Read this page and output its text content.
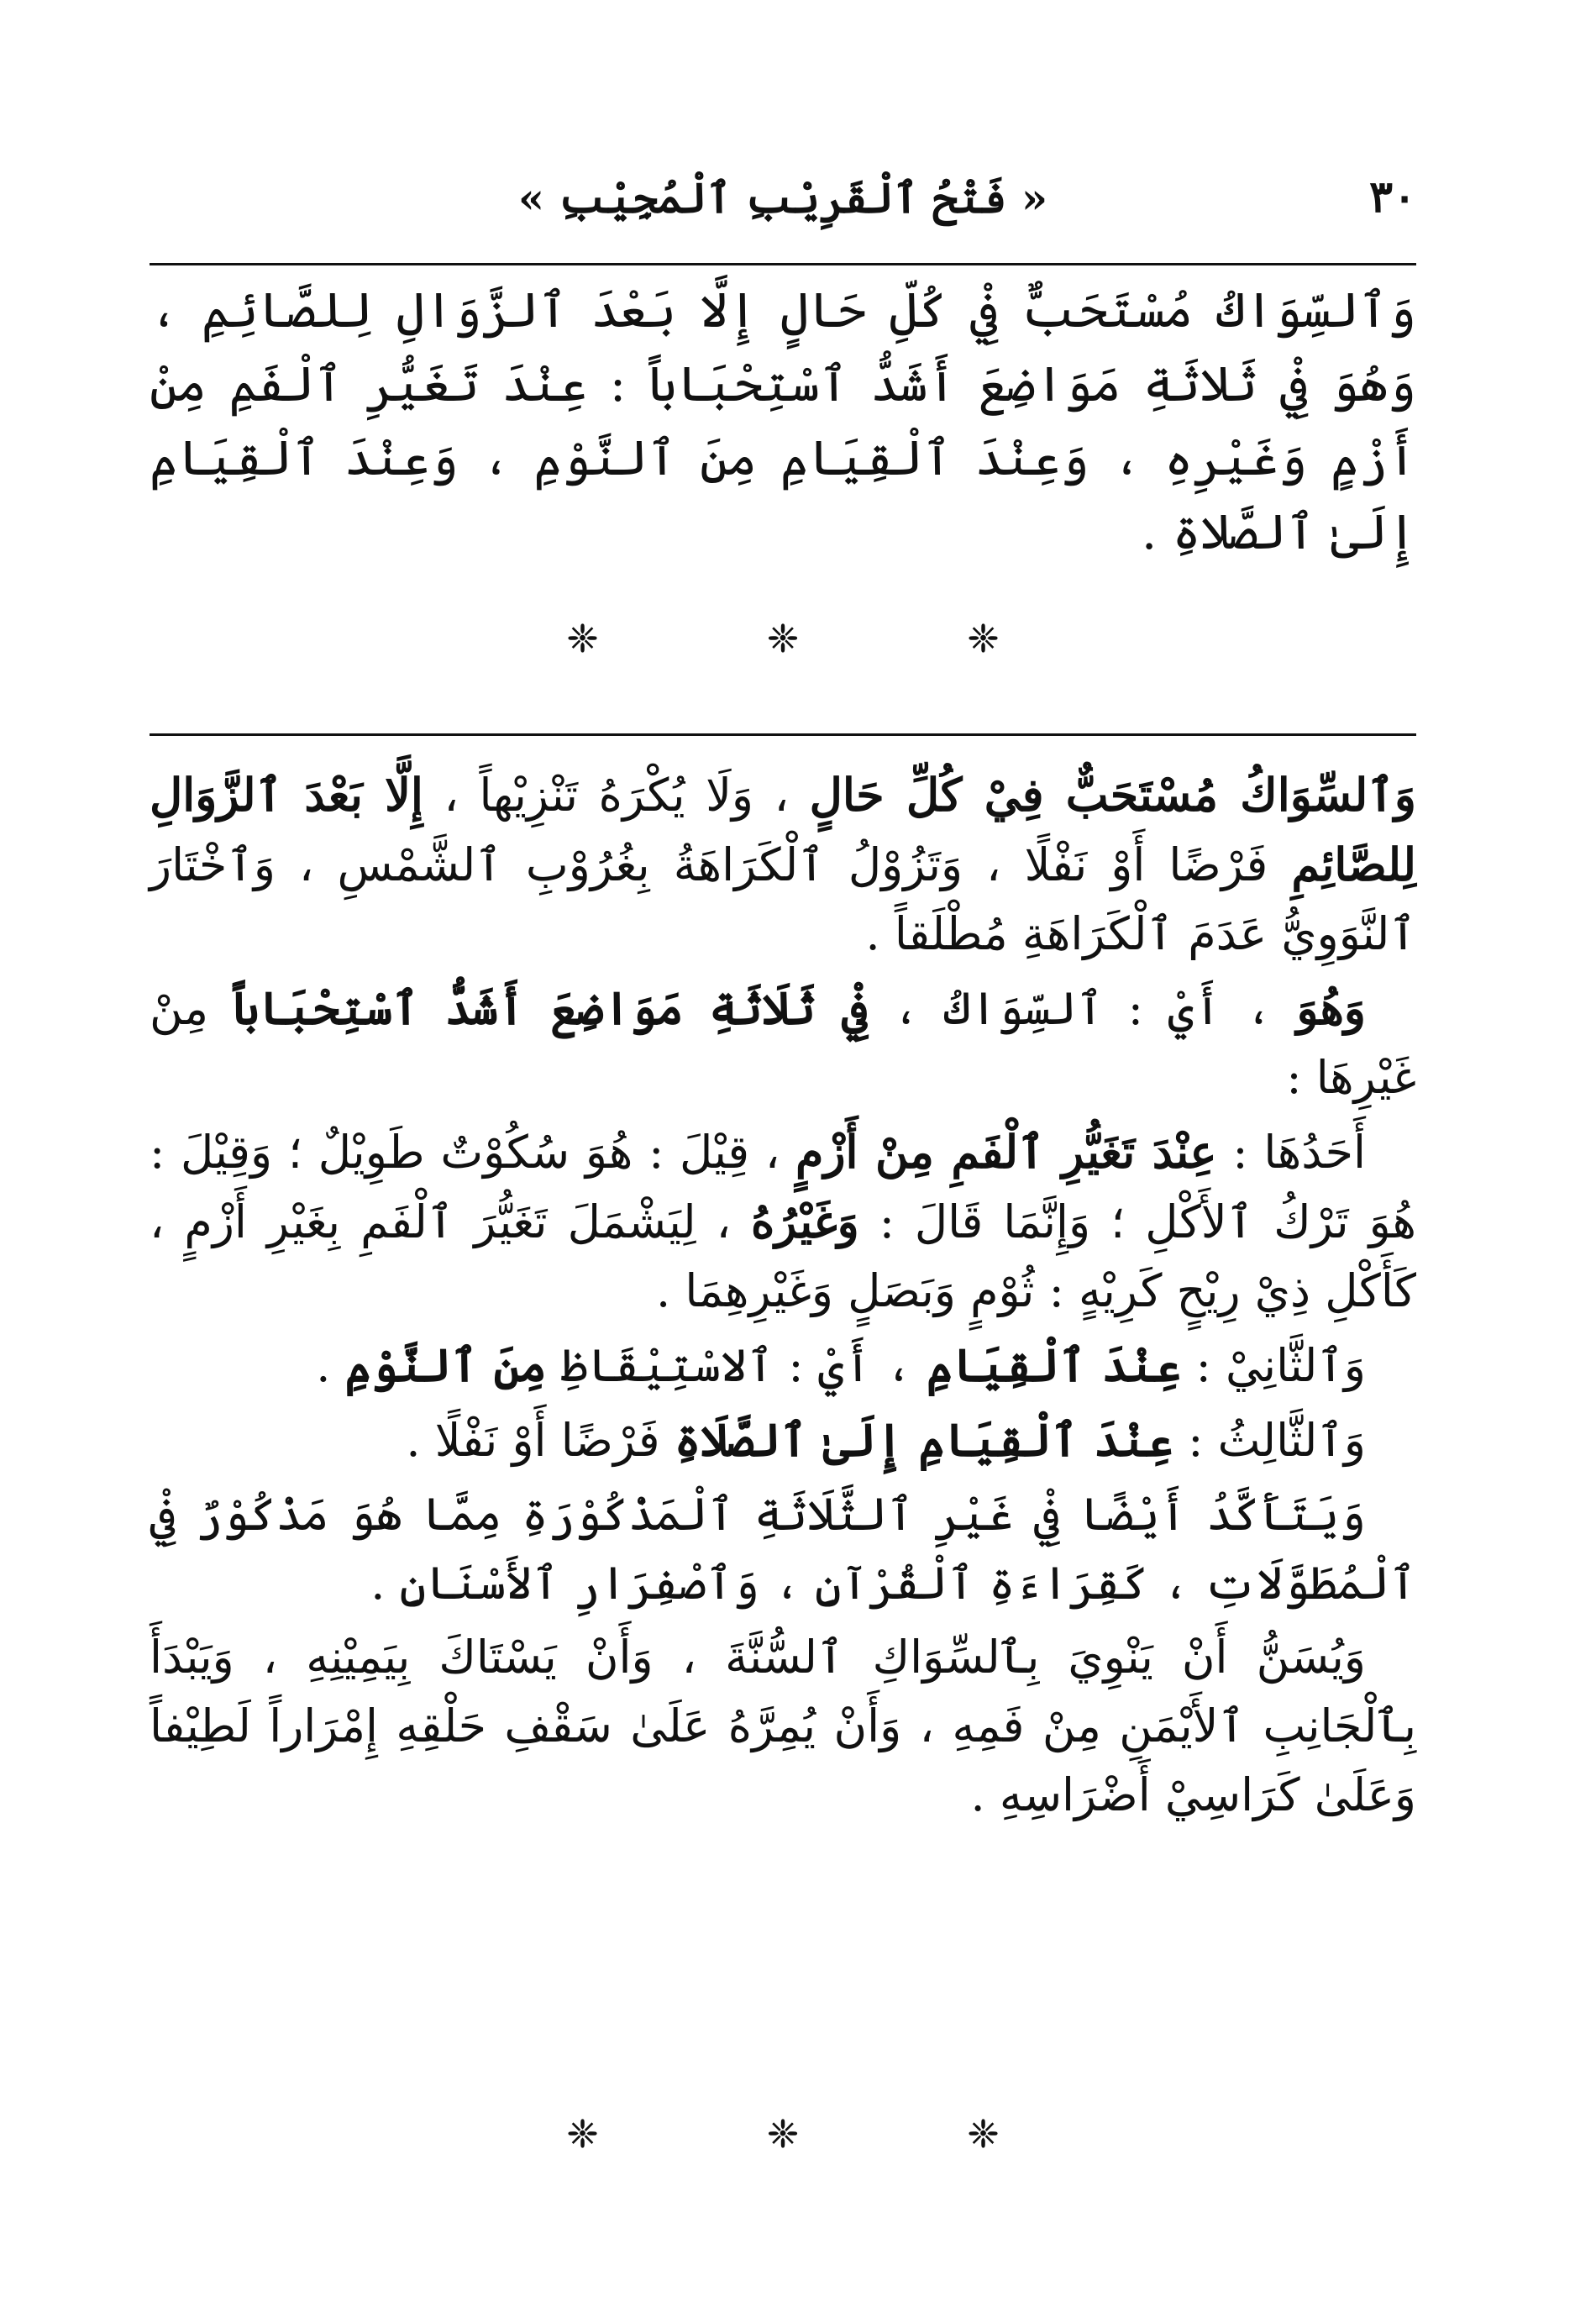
٣٠
« فَتْحُ ٱلْقَرِيْبِ ٱلْمُجِيْبِ »
وَٱلسِّوَاكُ مُسْتَحَبٌّ فِيْ كُلِّ حَالٍ إِلَّا بَعْدَ ٱلزَّوَالِ لِلصَّائِمِ ، وَهُوَ فِيْ ثَلاثَةِ مَوَاضِعَ أَشَدُّ ٱسْتِحْبَاباً : عِنْدَ تَغَيُّرِ ٱلْفَمِ مِنْ أَزْمٍ وَغَيْرِهِ ، وَعِنْدَ ٱلْقِيَامِ مِنَ ٱلنَّوْمِ ، وَعِنْدَ ٱلْقِيَامِ إِلَىٰ ٱلصَّلاةِ .
❈
❈
❈

وَٱلسِّوَاكُ مُسْتَحَبٌّ فِيْ كُلِّ حَالٍ ، وَلَا يُكْرَهُ تَنْزِيْهاً ، إِلَّا بَعْدَ ٱلزَّوَالِ لِلصَّائِمِ فَرْضًا أَوْ نَفْلًا ، وَتَزُوْلُ ٱلْكَرَاهَةُ بِغُرُوْبِ ٱلشَّمْسِ ، وَٱخْتَارَ ٱلنَّوَوِيُّ عَدَمَ ٱلْكَرَاهَةِ مُطْلَقاً .

وَهُوَ ، أَيْ : ٱلسِّوَاكُ ، فِيْ ثَلَاثَةِ مَوَاضِعَ أَشَدُّ ٱسْتِحْبَاباً مِنْ غَيْرِهَا :

أَحَدُهَا : عِنْدَ تَغَيُّرِ ٱلْفَمِ مِنْ أَزْمٍ ، قِيْلَ : هُوَ سُكُوْتٌ طَوِيْلٌ ؛ وَقِيْلَ : هُوَ تَرْكُ ٱلأَكْلِ ؛ وَإِنَّمَا قَالَ : وَغَيْرُهُ ، لِيَشْمَلَ تَغَيُّرَ ٱلْفَمِ بِغَيْرِ أَزْمٍ ، كَأَكْلِ ذِيْ رِيْحٍ كَرِيْهٍ : ثُوْمٍ وَبَصَلٍ وَغَيْرِهِمَا .

وَٱلثَّانِيْ : عِنْدَ ٱلْقِيَامِ ، أَيْ : ٱلاسْتِيْقَاظِ مِنَ ٱلنَّوْمِ .

وَٱلثَّالِثُ : عِنْدَ ٱلْقِيَامِ إِلَىٰ ٱلصَّلَاةِ فَرْضًا أَوْ نَفْلًا .

وَيَتَأَكَّدُ أَيْضًا فِيْ غَيْرِ ٱلثَّلَاثَةِ ٱلْمَذْكُوْرَةِ مِمَّا هُوَ مَذْكُوْرٌ فِيْ ٱلْمُطَوَّلَاتِ ، كَقِرَاءَةِ ٱلْقُرْآنِ ، وَٱصْفِرَارِ ٱلأَسْنَانِ .

وَيُسَنُّ أَنْ يَنْوِيَ بِٱلسِّوَاكِ ٱلسُّنَّةَ ، وَأَنْ يَسْتَاكَ بِيَمِيْنِهِ ، وَيَبْدَأَ بِٱلْجَانِبِ ٱلأَيْمَنِ مِنْ فَمِهِ ، وَأَنْ يُمِرَّهُ عَلَىٰ سَقْفِ حَلْقِهِ إِمْرَاراً لَطِيْفاً وَعَلَىٰ كَرَاسِيْ أَضْرَاسِهِ .

❈
❈
❈
